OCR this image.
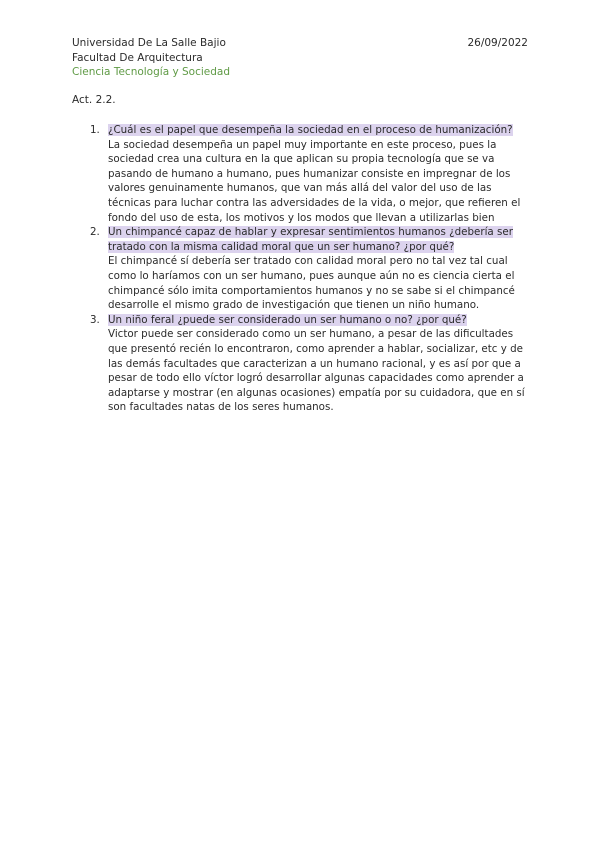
Universidad De La Salle Bajio
Facultad De Arquitectura
Ciencia Tecnología y Sociedad
26/09/2022
Act. 2.2.
1. ¿Cuál es el papel que desempeña la sociedad en el proceso de humanización?
La sociedad desempeña un papel muy importante en este proceso, pues la sociedad crea una cultura en la que aplican su propia tecnología que se va pasando de humano a humano, pues humanizar consiste en impregnar de los valores genuinamente humanos, que van más allá del valor del uso de las técnicas para luchar contra las adversidades de la vida, o mejor, que refieren el fondo del uso de esta, los motivos y los modos que llevan a utilizarlas bien
2. Un chimpancé capaz de hablar y expresar sentimientos humanos ¿debería ser tratado con la misma calidad moral que un ser humano? ¿por qué?
El chimpancé sí debería ser tratado con calidad moral pero no tal vez tal cual como lo haríamos con un ser humano, pues aunque aún no es ciencia cierta el chimpancé sólo imita comportamientos humanos y no se sabe si el chimpancé desarrolle el mismo grado de investigación que tienen un niño humano.
3. Un niño feral ¿puede ser considerado un ser humano o no? ¿por qué?
Victor puede ser considerado como un ser humano, a pesar de las dificultades que presentó recién lo encontraron, como aprender a hablar, socializar, etc y de las demás facultades que caracterizan a un humano racional, y es así por que a pesar de todo ello víctor logró desarrollar algunas capacidades como aprender a adaptarse y mostrar (en algunas ocasiones) empatía por su cuidadora, que en sí son facultades natas de los seres humanos.
